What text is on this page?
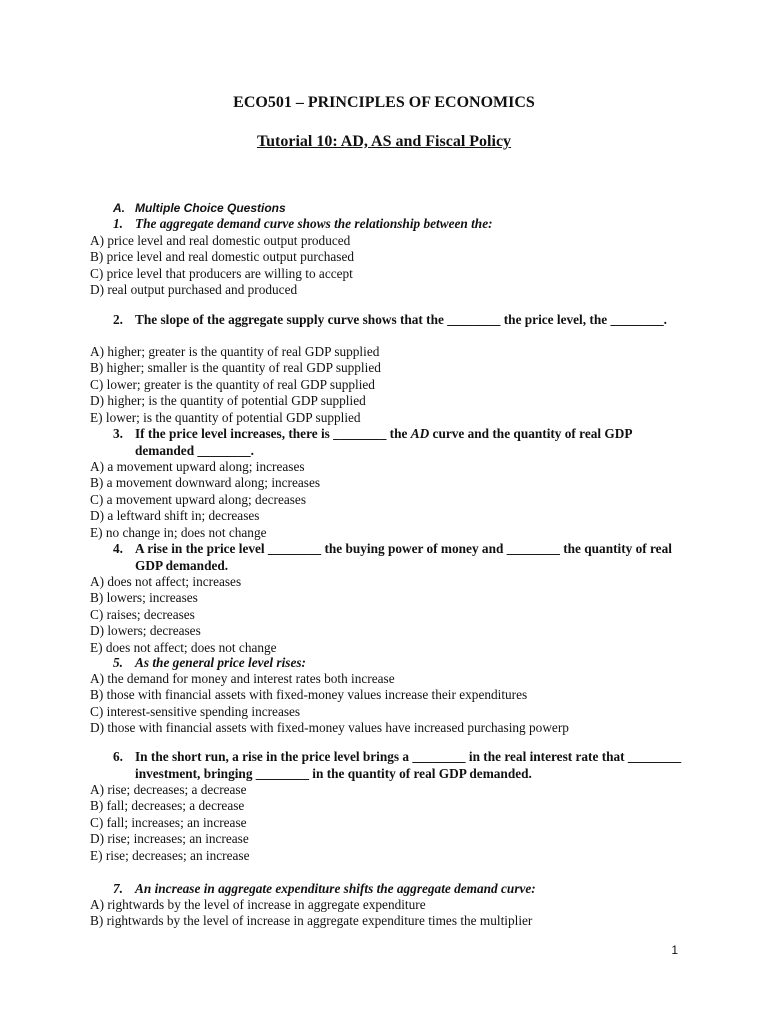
ECO501 – PRINCIPLES OF ECONOMICS
Tutorial 10: AD, AS and Fiscal Policy
A. Multiple Choice Questions
1. The aggregate demand curve shows the relationship between the:
A) price level and real domestic output produced
B) price level and real domestic output purchased
C) price level that producers are willing to accept
D) real output purchased and produced
2. The slope of the aggregate supply curve shows that the ________ the price level, the ________.
A) higher; greater is the quantity of real GDP supplied
B) higher; smaller is the quantity of real GDP supplied
C) lower; greater is the quantity of real GDP supplied
D) higher; is the quantity of potential GDP supplied
E) lower; is the quantity of potential GDP supplied
3. If the price level increases, there is ________ the AD curve and the quantity of real GDP demanded ________.
A) a movement upward along; increases
B) a movement downward along; increases
C) a movement upward along; decreases
D) a leftward shift in; decreases
E) no change in; does not change
4. A rise in the price level ________ the buying power of money and ________ the quantity of real GDP demanded.
A) does not affect; increases
B) lowers; increases
C) raises; decreases
D) lowers; decreases
E) does not affect; does not change
5. As the general price level rises:
A) the demand for money and interest rates both increase
B) those with financial assets with fixed-money values increase their expenditures
C) interest-sensitive spending increases
D) those with financial assets with fixed-money values have increased purchasing powerp
6. In the short run, a rise in the price level brings a ________ in the real interest rate that ________ investment, bringing ________ in the quantity of real GDP demanded.
A) rise; decreases; a decrease
B) fall; decreases; a decrease
C) fall; increases; an increase
D) rise; increases; an increase
E) rise; decreases; an increase
7. An increase in aggregate expenditure shifts the aggregate demand curve:
A) rightwards by the level of increase in aggregate expenditure
B) rightwards by the level of increase in aggregate expenditure times the multiplier
1
